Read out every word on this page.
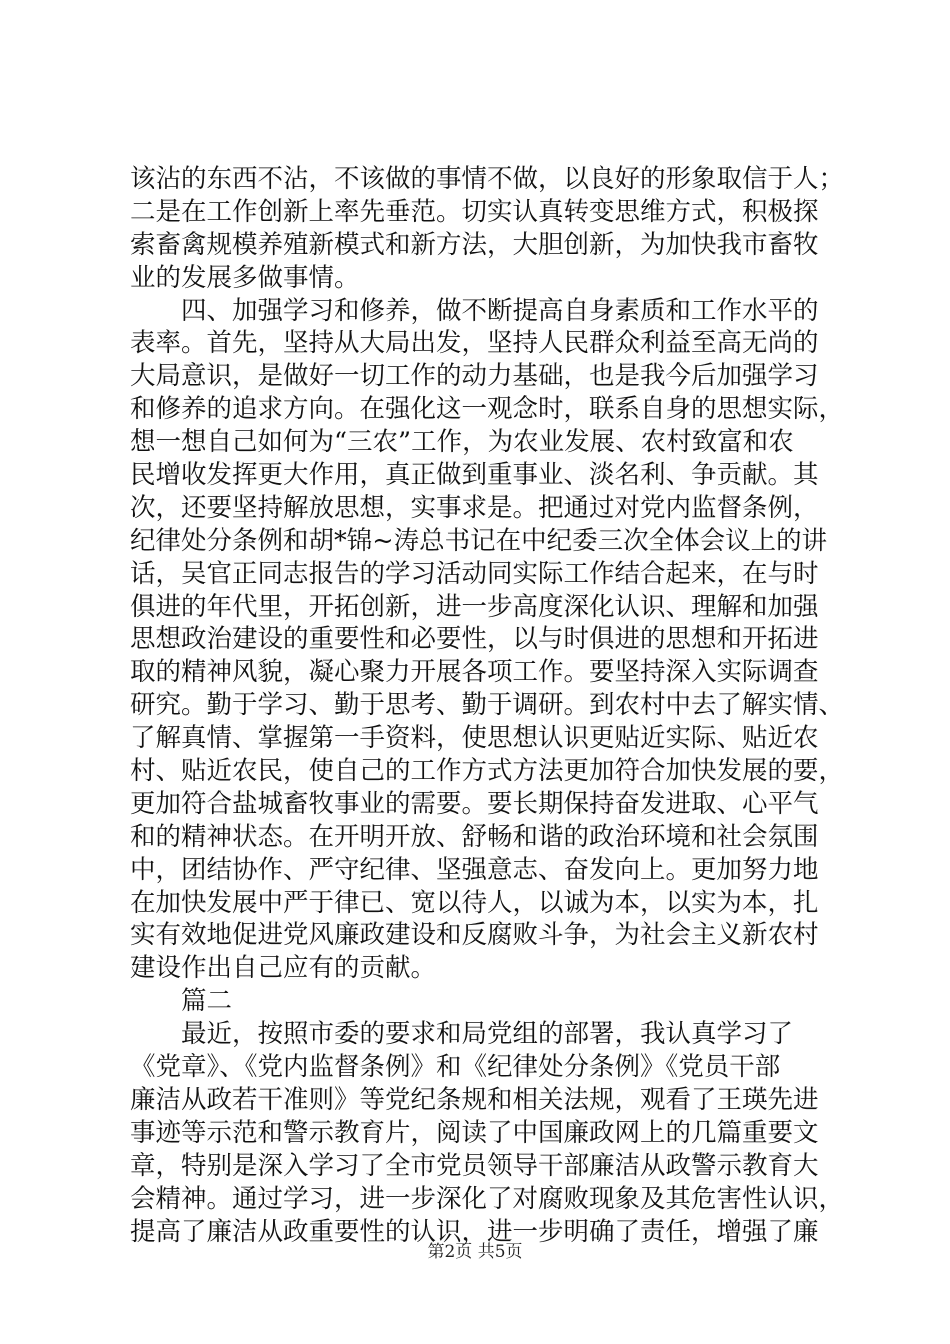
该沾的东西不沾，不该做的事情不做，以良好的形象取信于人；
二是在工作创新上率先垂范。切实认真转变思维方式，积极探
索畜禽规模养殖新模式和新方法，大胆创新，为加快我市畜牧
业的发展多做事情。
　　四、加强学习和修养，做不断提高自身素质和工作水平的
表率。首先，坚持从大局出发，坚持人民群众利益至高无尚的
大局意识，是做好一切工作的动力基础，也是我今后加强学习
和修养的追求方向。在强化这一观念时，联系自身的思想实际，
想一想自己如何为“三农”工作，为农业发展、农村致富和农
民增收发挥更大作用，真正做到重事业、淡名利、争贡献。其
次，还要坚持解放思想，实事求是。把通过对党内监督条例，
纪律处分条例和胡*锦~涛总书记在中纪委三次全体会议上的讲
话，吴官正同志报告的学习活动同实际工作结合起来，在与时
俱进的年代里，开拓创新，进一步高度深化认识、理解和加强
思想政治建设的重要性和必要性，以与时俱进的思想和开拓进
取的精神风貌，凝心聚力开展各项工作。要坚持深入实际调查
研究。勤于学习、勤于思考、勤于调研。到农村中去了解实情、
了解真情、掌握第一手资料，使思想认识更贴近实际、贴近农
村、贴近农民，使自己的工作方式方法更加符合加快发展的要，
更加符合盐城畜牧事业的需要。要长期保持奋发进取、心平气
和的精神状态。在开明开放、舒畅和谐的政治环境和社会氛围
中，团结协作、严守纪律、坚强意志、奋发向上。更加努力地
在加快发展中严于律已、宽以待人，以诚为本，以实为本，扎
实有效地促进党风廉政建设和反腐败斗争，为社会主义新农村
建设作出自己应有的贡献。
　　篇二
　　最近，按照市委的要求和局党组的部署，我认真学习了
《党章》、《党内监督条例》和《纪律处分条例》《党员干部
廉洁从政若干准则》等党纪条规和相关法规，观看了王瑛先进
事迹等示范和警示教育片，阅读了中国廉政网上的几篇重要文
章，特别是深入学习了全市党员领导干部廉洁从政警示教育大
会精神。通过学习，进一步深化了对腐败现象及其危害性认识，
提高了廉洁从政重要性的认识，进一步明确了责任，增强了廉
第2页 共5页
